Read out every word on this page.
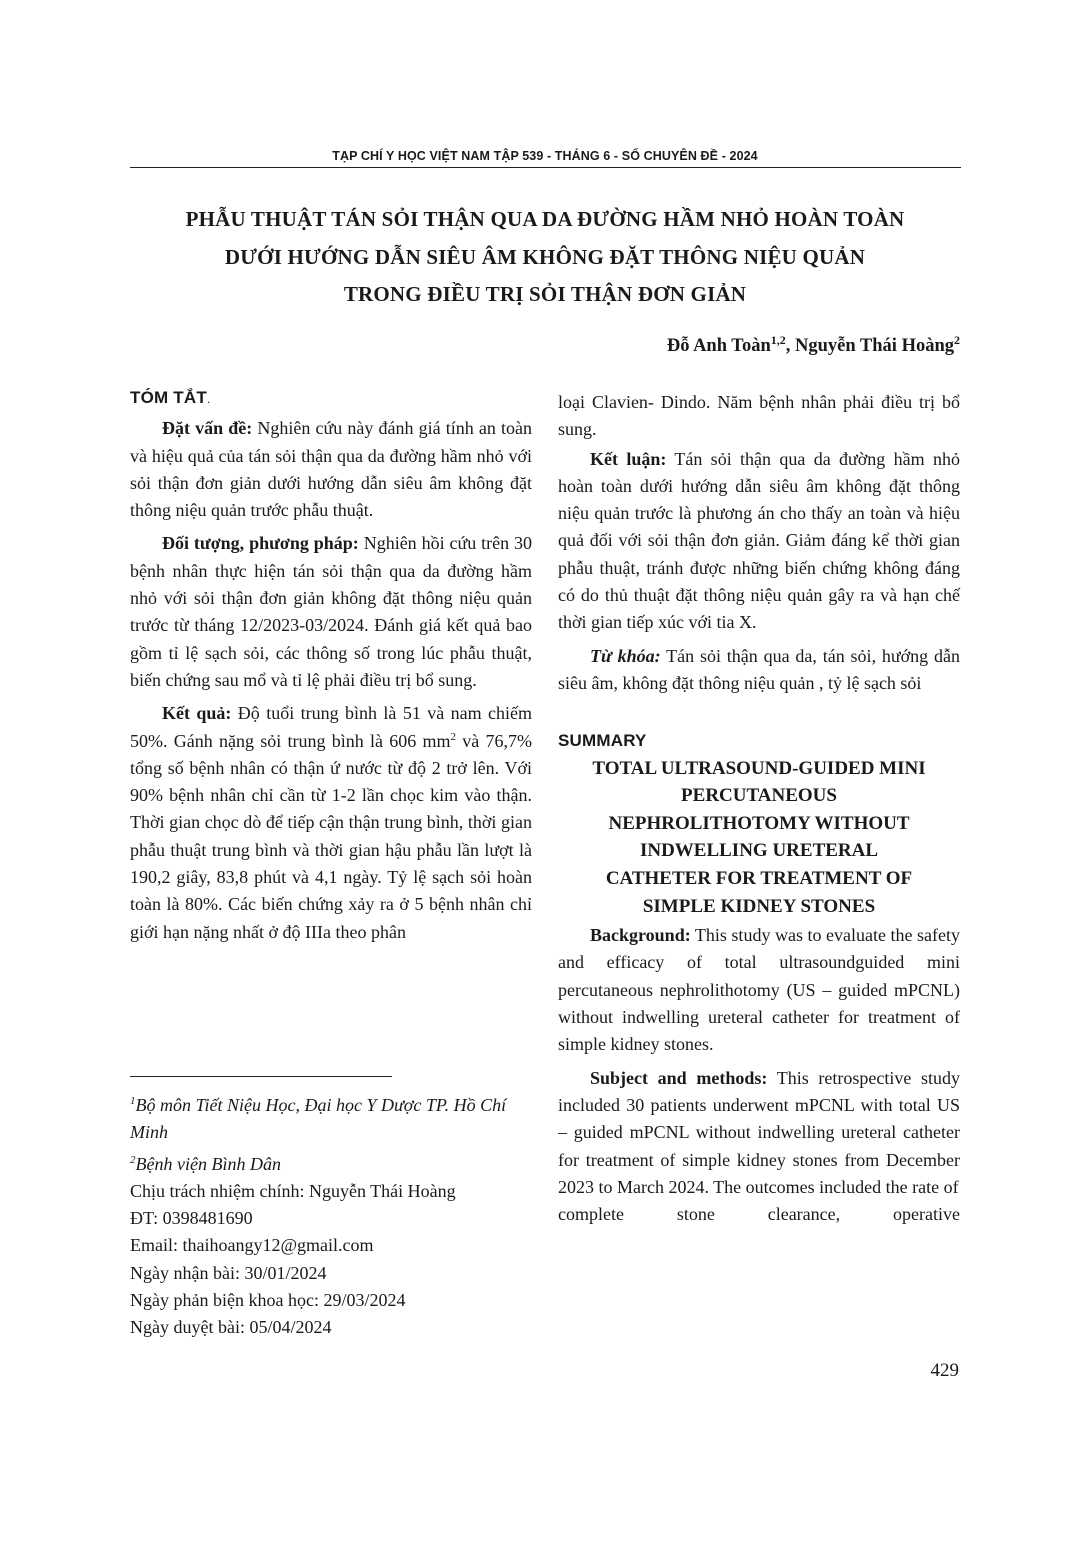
TẠP CHÍ Y HỌC VIỆT NAM TẬP 539 - THÁNG 6 - SỐ CHUYÊN ĐỀ - 2024
PHẪU THUẬT TÁN SỎI THẬN QUA DA ĐƯỜNG HẦM NHỎ HOÀN TOÀN
DƯỚI HƯỚNG DẪN SIÊU ÂM KHÔNG ĐẶT THÔNG NIỆU QUẢN
TRONG ĐIỀU TRỊ SỎI THẬN ĐƠN GIẢN
Đỗ Anh Toàn$^{1,2}$, Nguyễn Thái Hoàng$^2$

TÓM TẮT.

Đặt vấn đề: Nghiên cứu này đánh giá tính an toàn và hiệu quả của tán sỏi thận qua da đường hầm nhỏ với sỏi thận đơn giản dưới hướng dẫn siêu âm không đặt thông niệu quản trước phẫu thuật.

Đối tượng, phương pháp: Nghiên hồi cứu trên 30 bệnh nhân thực hiện tán sỏi thận qua da đường hầm nhỏ với sỏi thận đơn giản không đặt thông niệu quản trước từ tháng 12/2023-03/2024. Đánh giá kết quả bao gồm tỉ lệ sạch sỏi, các thông số trong lúc phẫu thuật, biến chứng sau mổ và tỉ lệ phải điều trị bổ sung.

Kết quả: Độ tuổi trung bình là 51 và nam chiếm 50%. Gánh nặng sỏi trung bình là 606 $mm^2$ và 76,7% tổng số bệnh nhân có thận ứ nước từ độ 2 trở lên. Với 90% bệnh nhân chỉ cần từ 1-2 lần chọc kim vào thận. Thời gian chọc dò để tiếp cận thận trung bình, thời gian phẫu thuật trung bình và thời gian hậu phẫu lần lượt là 190,2 giây, 83,8 phút và 4,1 ngày. Tỷ lệ sạch sỏi hoàn toàn là 80%. Các biến chứng xảy ra ở 5 bệnh nhân chỉ giới hạn nặng nhất ở độ IIIa theo phân

$^1$Bộ môn Tiết Niệu Học, Đại học Y Dược TP. Hồ Chí Minh

$^2$Bệnh viện Bình Dân

Chịu trách nhiệm chính: Nguyễn Thái Hoàng

ĐT: 0398481690

Email: thaihoangy12@gmail.com

Ngày nhận bài: 30/01/2024

Ngày phản biện khoa học: 29/03/2024

Ngày duyệt bài: 05/04/2024

loại Clavien- Dindo. Năm bệnh nhân phải điều trị bổ sung.

Kết luận: Tán sỏi thận qua da đường hầm nhỏ hoàn toàn dưới hướng dẫn siêu âm không đặt thông niệu quản trước là phương án cho thấy an toàn và hiệu quả đối với sỏi thận đơn giản. Giảm đáng kể thời gian phẫu thuật, tránh được những biến chứng không đáng có do thủ thuật đặt thông niệu quản gây ra và hạn chế thời gian tiếp xúc với tia X.

Từ khóa: Tán sỏi thận qua da, tán sỏi, hướng dẫn siêu âm, không đặt thông niệu quản , tỷ lệ sạch sỏi

SUMMARY

TOTAL ULTRASOUND-GUIDED MINI
PERCUTANEOUS
NEPHROLITHOTOMY WITHOUT
INDWELLING URETERAL
CATHETER FOR TREATMENT OF
SIMPLE KIDNEY STONES

Background: This study was to evaluate the safety and efficacy of total ultrasoundguided mini percutaneous nephrolithotomy (US – guided mPCNL) without indwelling ureteral catheter for treatment of simple kidney stones.

Subject and methods: This retrospective study included 30 patients underwent mPCNL with total US – guided mPCNL without indwelling ureteral catheter for treatment of simple kidney stones from December 2023 to March 2024. The outcomes included the rate of

complete stone clearance, operative

429
